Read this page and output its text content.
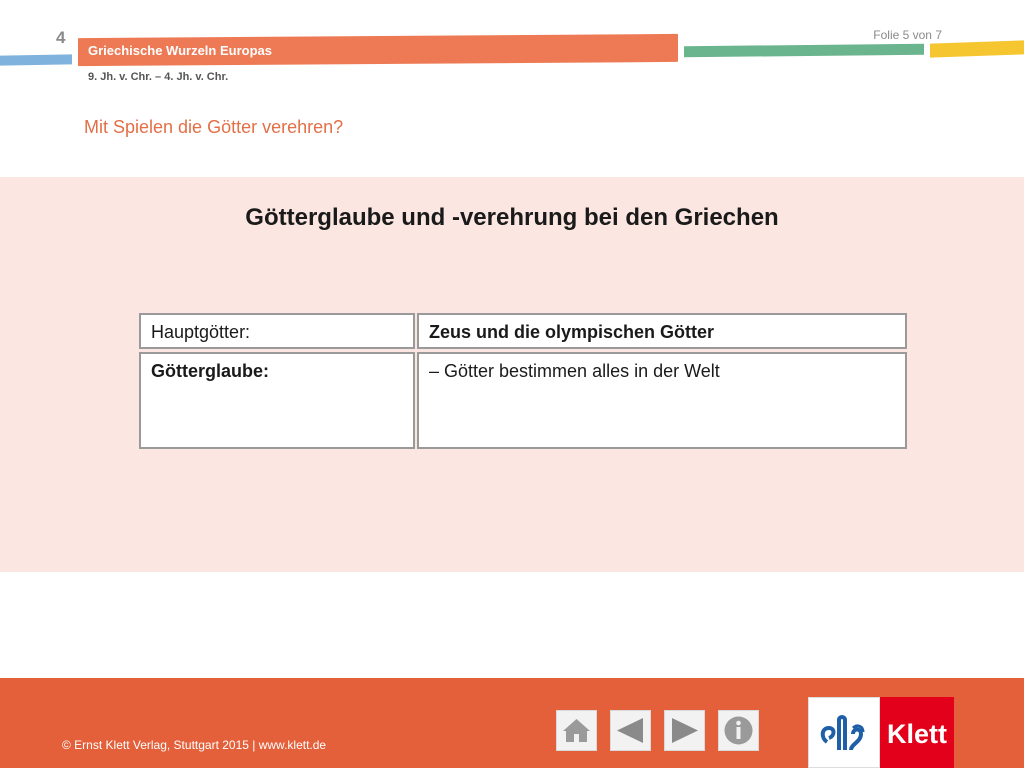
4
Griechische Wurzeln Europas
9. Jh. v. Chr. – 4. Jh. v. Chr.
Folie 5 von 7
Mit Spielen die Götter verehren?
Götterglaube und -verehrung bei den Griechen
Hauptgötter:	Zeus und die olympischen Götter
Götterglaube:	– Götter bestimmen alles in der Welt
© Ernst Klett Verlag, Stuttgart 2015 | www.klett.de	Klett
